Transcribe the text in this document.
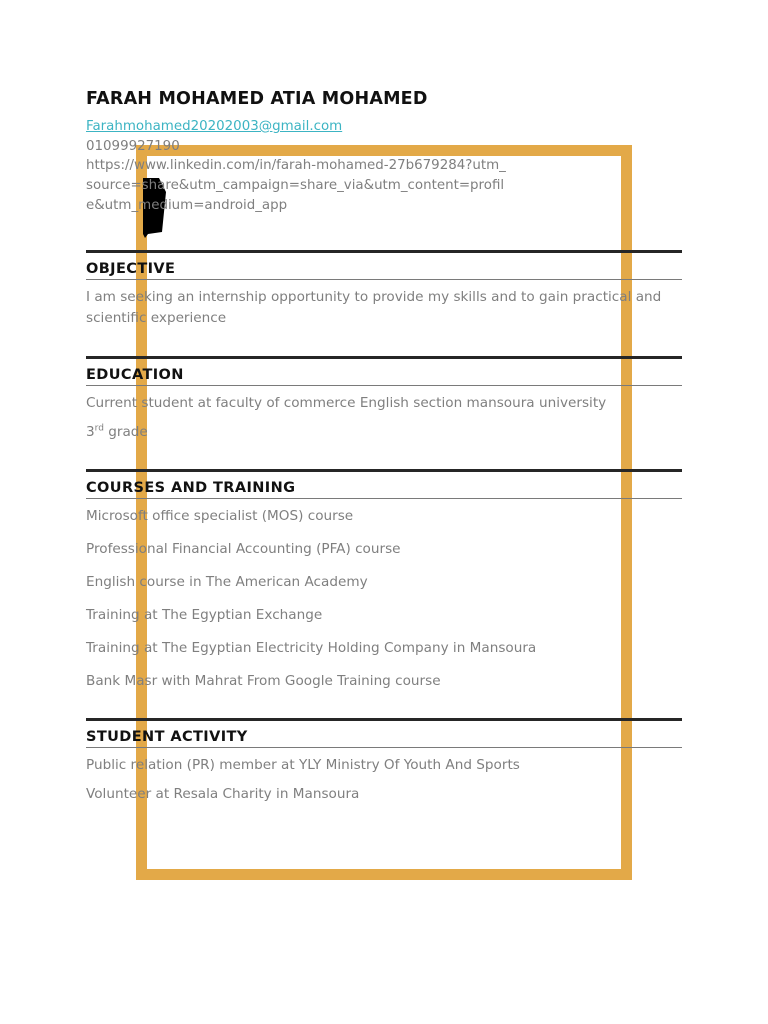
FARAH MOHAMED ATIA MOHAMED
Farahmohamed20202003@gmail.com
01099927190
https://www.linkedin.com/in/farah-mohamed-27b679284?utm_source=share&utm_campaign=share_via&utm_content=profile&utm_medium=android_app
OBJECTIVE
I am seeking an internship opportunity to provide my skills and to gain practical and scientific experience
EDUCATION
Current student at faculty of commerce English section mansoura university
3rd grade
COURSES AND TRAINING
Microsoft office specialist (MOS) course
Professional Financial Accounting (PFA) course
English course in The American Academy
Training at The Egyptian Exchange
Training at The Egyptian Electricity Holding Company in Mansoura
Bank Masr with Mahrat From Google Training course
STUDENT ACTIVITY
Public relation (PR) member at YLY Ministry Of Youth And Sports
Volunteer at Resala Charity in Mansoura
